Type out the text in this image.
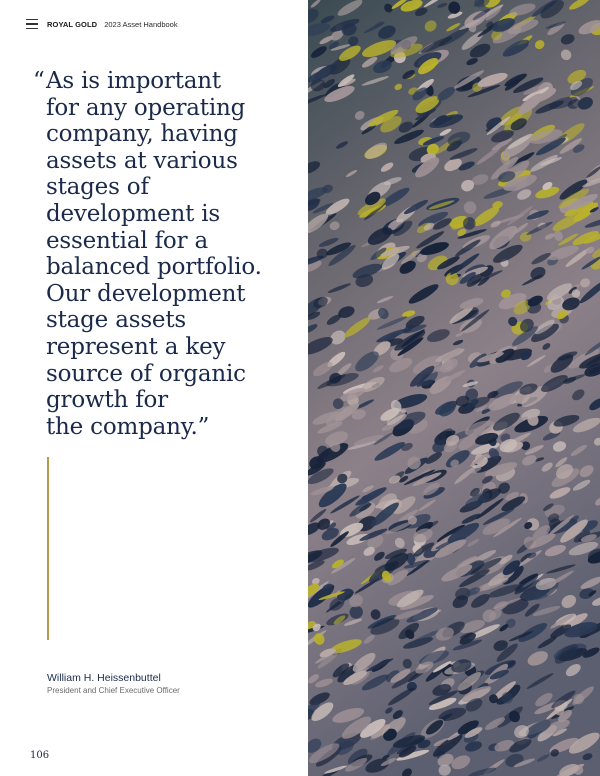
ROYAL GOLD 2023 Asset Handbook
“As is important
for any operating
company, having
assets at various
stages of
development is
essential for a
balanced portfolio.
Our development
stage assets
represent a key
source of organic
growth for
the company.”
William H. Heissenbuttel
President and Chief Executive Officer
106
